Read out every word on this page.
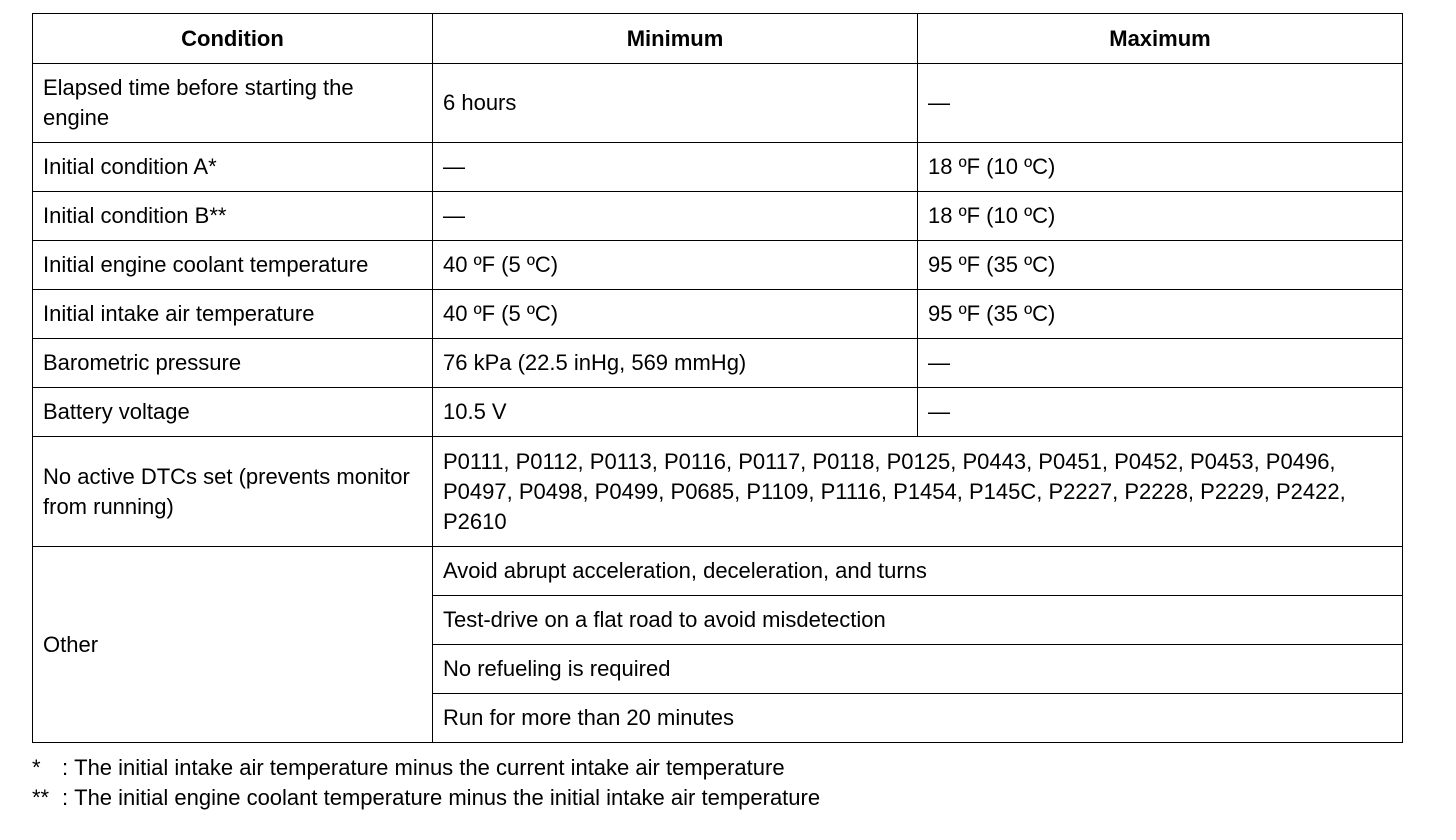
Condition	Minimum	Maximum
Elapsed time before starting the engine	6 hours	—
Initial condition A*	—	18 ºF (10 ºC)
Initial condition B**	—	18 ºF (10 ºC)
Initial engine coolant temperature	40 ºF (5 ºC)	95 ºF (35 ºC)
Initial intake air temperature	40 ºF (5 ºC)	95 ºF (35 ºC)
Barometric pressure	76 kPa (22.5 inHg, 569 mmHg)	—
Battery voltage	10.5 V	—
No active DTCs set (prevents monitor from running)	P0111, P0112, P0113, P0116, P0117, P0118, P0125, P0443, P0451, P0452, P0453, P0496, P0497, P0498, P0499, P0685, P1109, P1116, P1454, P145C, P2227, P2228, P2229, P2422, P2610	
Other	Avoid abrupt acceleration, deceleration, and turns	
	Test-drive on a flat road to avoid misdetection	
	No refueling is required	
	Run for more than 20 minutes	
* : The initial intake air temperature minus the current intake air temperature
** : The initial engine coolant temperature minus the initial intake air temperature
